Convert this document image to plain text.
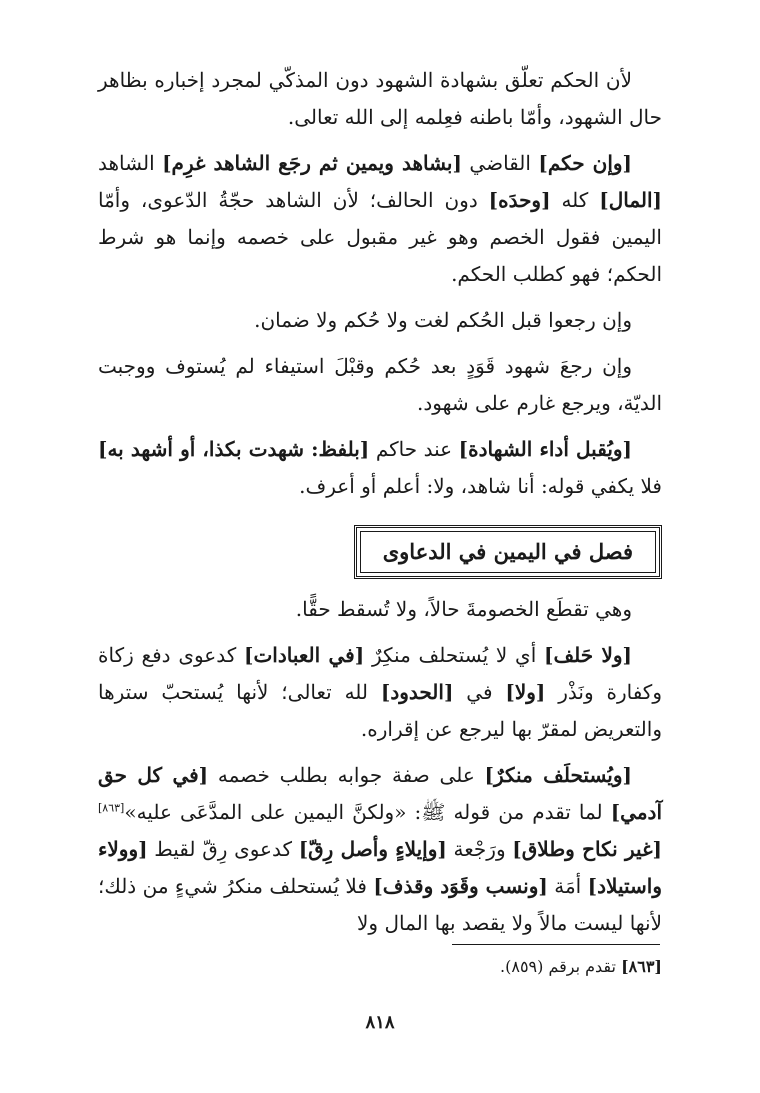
لأن الحكم تعلّق بشهادة الشهود دون المذكّي لمجرد إخباره بظاهر حال الشهود، وأمّا باطنه فعِلمه إلى الله تعالى.

[وإن حكم] القاضي [بشاهد ويمين ثم رجَع الشاهد غرِم] الشاهد [المال] كله [وحدَه] دون الحالف؛ لأن الشاهد حجّةُ الدّعوى، وأمّا اليمين فقول الخصم وهو غير مقبول على خصمه وإنما هو شرط الحكم؛ فهو كطلب الحكم.

وإن رجعوا قبل الحُكم لغت ولا حُكم ولا ضمان.

وإن رجعَ شهود قَوَدٍ بعد حُكم وقبْلَ استيفاء لم يُستوف ووجبت الديّة، ويرجع غارم على شهود.

[ويُقبل أداء الشهادة] عند حاكم [بلفظ: شهدت بكذا، أو أشهد به] فلا يكفي قوله: أنا شاهد، ولا: أعلم أو أعرف.

فصل في اليمين في الدعاوى

وهي تقطَع الخصومةَ حالاً، ولا تُسقط حقًّا.

[ولا حَلف] أي لا يُستحلف منكِرٌ [في العبادات] كدعوى دفع زكاة وكفارة ونَذْر [ولا] في [الحدود] لله تعالى؛ لأنها يُستحبّ سترها والتعريض لمقرّ بها ليرجع عن إقراره.

[ويُستحلَف منكرٌ] على صفة جوابه بطلب خصمه [في كل حق آدمي] لما تقدم من قوله ﷺ: «ولكنَّ اليمين على المدَّعَى عليه»[٨٦٣] [غير نكاح وطلاق] ورَجْعة [وإيلاءٍ وأصل رِقّ] كدعوى رِقّ لقيط [وولاء واستيلاد] أمَة [ونسب وقَوَد وقذف] فلا يُستحلف منكرُ شيءٍ من ذلك؛ لأنها ليست مالاً ولا يقصد بها المال ولا

[٨٦٣] تقدم برقم (٨٥٩).
٨١٨
